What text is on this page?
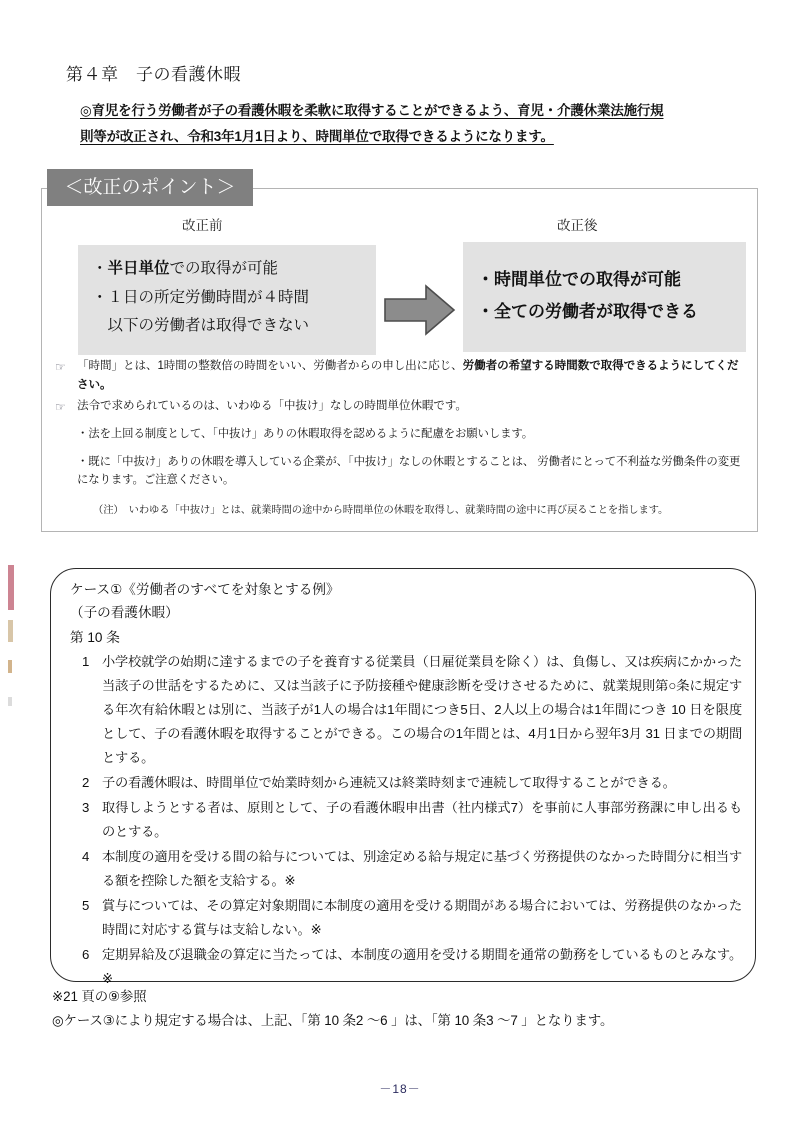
第４章　子の看護休暇
◎育児を行う労働者が子の看護休暇を柔軟に取得することができるよう、育児・介護休業法施行規
則等が改正され、令和3年1月1日より、時間単位で取得できるようになります。
＜改正のポイント＞
改正前	改正後
・半日単位での取得が可能
・１日の所定労働時間が４時間
　以下の労働者は取得できない
・時間単位での取得が可能
・全ての労働者が取得できる
☞ 「時間」とは、1時間の整数倍の時間をいい、労働者からの申し出に応じ、労働者の希望する時間数で取得できるようにしてください。
☞ 法令で求められているのは、いわゆる「中抜け」なしの時間単位休暇です。
・法を上回る制度として、「中抜け」ありの休暇取得を認めるように配慮をお願いします。
・既に「中抜け」ありの休暇を導入している企業が、「中抜け」なしの休暇とすることは、 労働者にとって不利益な労働条件の変更になります。ご注意ください。
（注）　いわゆる「中抜け」とは、就業時間の途中から時間単位の休暇を取得し、就業時間の途中に再び戻ることを指します。
ケース①《労働者のすべてを対象とする例》
（子の看護休暇）
第 10 条
1 小学校就学の始期に達するまでの子を養育する従業員（日雇従業員を除く）は、負傷し、又は疾病にかかった当該子の世話をするために、又は当該子に予防接種や健康診断を受けさせるために、就業規則第○条に規定する年次有給休暇とは別に、当該子が1人の場合は1年間につき5日、2人以上の場合は1年間につき 10 日を限度として、子の看護休暇を取得することができる。この場合の1年間とは、4月1日から翌年3月 31 日までの期間とする。
2 子の看護休暇は、時間単位で始業時刻から連続又は終業時刻まで連続して取得することができる。
3 取得しようとする者は、原則として、子の看護休暇申出書（社内様式7）を事前に人事部労務課に申し出るものとする。
4 本制度の適用を受ける間の給与については、別途定める給与規定に基づく労務提供のなかった時間分に相当する額を控除した額を支給する。※
5 賞与については、その算定対象期間に本制度の適用を受ける期間がある場合においては、労務提供のなかった時間に対応する賞与は支給しない。※
6 定期昇給及び退職金の算定に当たっては、本制度の適用を受ける期間を通常の勤務をしているものとみなす。※
※21 頁の⑨参照
◎ケース③により規定する場合は、上記、「第 10 条2 ～6 」は、「第 10 条3 ～7 」となります。
－18－
